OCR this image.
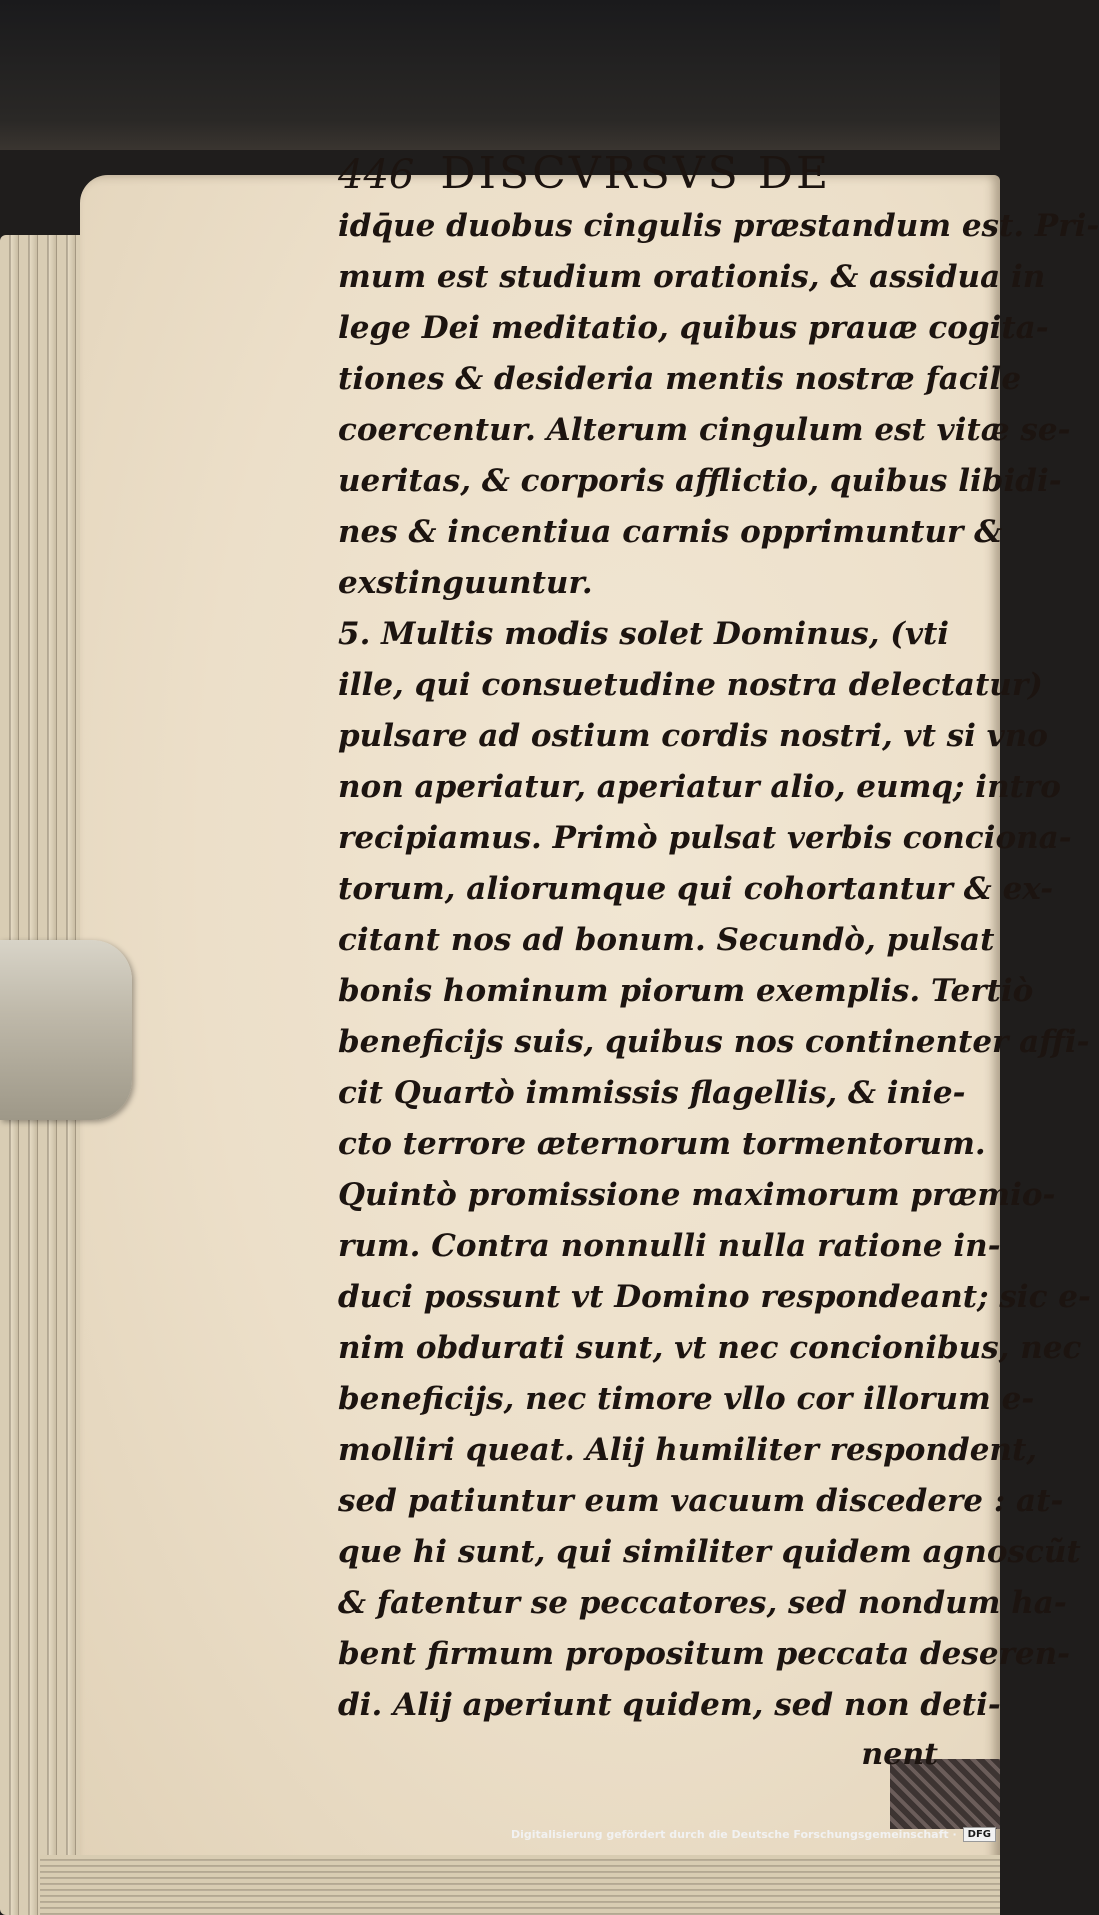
446 DISCVRSVS DE
idq̄ue duobus cingulis præstandum est. Pri-
mum est studium orationis, & assidua in
lege Dei meditatio, quibus prauæ cogita-
tiones & desideria mentis nostræ facile
coercentur. Alterum cingulum est vitæ se-
ueritas, & corporis afflictio, quibus libidi-
nes & incentiua carnis opprimuntur &
exstinguuntur.
5. Multis modis solet Dominus, (vti
ille, qui consuetudine nostra delectatur)
pulsare ad ostium cordis nostri, vt si vno
non aperiatur, aperiatur alio, eumq; intro
recipiamus. Primò pulsat verbis conciona-
torum, aliorumque qui cohortantur & ex-
citant nos ad bonum. Secundò, pulsat
bonis hominum piorum exemplis. Tertiò
beneficijs suis, quibus nos continenter affi-
cit Quartò immissis flagellis, & inie-
cto terrore æternorum tormentorum.
Quintò promissione maximorum præmio-
rum. Contra nonnulli nulla ratione in-
duci possunt vt Domino respondeant; sic e-
nim obdurati sunt, vt nec concionibus, nec
beneficijs, nec timore vllo cor illorum e-
molliri queat. Alij humiliter respondent,
sed patiuntur eum vacuum discedere : at-
que hi sunt, qui similiter quidem agnoscũt
& fatentur se peccatores, sed nondum ha-
bent firmum propositum peccata deseren-
di. Alij aperiunt quidem, sed non deti-
nent
Digitalisierung gefördert durch die Deutsche Forschungsgemeinschaft ·	DFG
